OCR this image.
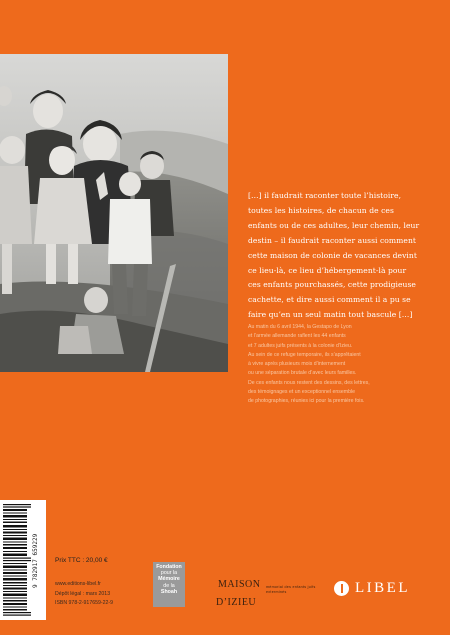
[…] il faudrait raconter toute l’histoire,

toutes les histoires, de chacun de ces

enfants ou de ces adultes, leur chemin, leur

destin – il faudrait raconter aussi comment

cette maison de colonie de vacances devint

ce lieu-là, ce lieu d’hébergement-là pour

ces enfants pourchassés, cette prodigieuse

cachette, et dire aussi comment il a pu se

faire qu’en un seul matin tout bascule […]

Au matin du 6 avril 1944, la Gestapo de Lyon

et l’armée allemande raflent les 44 enfants

et 7 adultes juifs présents à la colonie d’Izieu.

Au sein de ce refuge temporaire, ils s’apprêtaient

à vivre après plusieurs mois d’internement

ou une séparation brutale d’avec leurs familles.

De ces enfants nous restent des dessins, des lettres,

des témoignages et un exceptionnel ensemble

de photographies, réunies ici pour la première fois.

9 782917 659229	Prix TTC : 20,00 €

www.editions-libel.fr

Dépôt légal : mars 2013

ISBN 978-2-917659-22-9

Fondation
pour la
Mémoire
de la
Shoah
MAISON
D’IZIEU
mémorial des enfants juifs exterminés	LIBEL
